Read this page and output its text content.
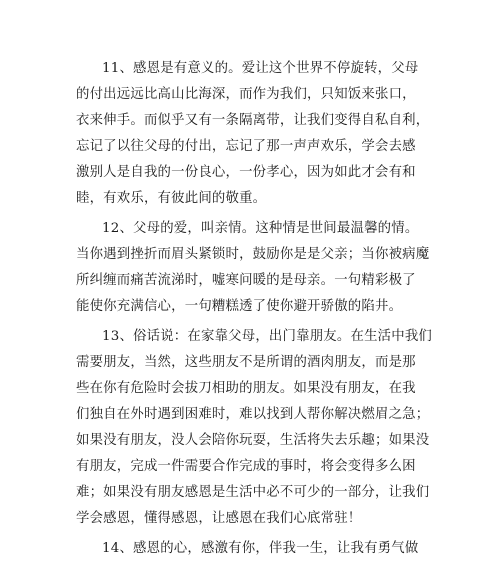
11、感恩是有意义的。爱让这个世界不停旋转，父母
的付出远远比高山比海深，而作为我们，只知饭来张口，
衣来伸手。而似乎又有一条隔离带，让我们变得自私自利，
忘记了以往父母的付出，忘记了那一声声欢乐，学会去感
激别人是自我的一份良心，一份孝心，因为如此才会有和
睦，有欢乐，有彼此间的敬重。
12、父母的爱，叫亲情。这种情是世间最温馨的情。
当你遇到挫折而眉头紧锁时，鼓励你是是父亲；当你被病魔
所纠缠而痛苦流涕时，嘘寒问暖的是母亲。一句精彩极了
能使你充满信心，一句糟糕透了使你避开骄傲的陷井。
13、俗话说：在家靠父母，出门靠朋友。在生活中我们
需要朋友，当然，这些朋友不是所谓的酒肉朋友，而是那
些在你有危险时会拔刀相助的朋友。如果没有朋友，在我
们独自在外时遇到困难时，难以找到人帮你解决燃眉之急；
如果没有朋友，没人会陪你玩耍，生活将失去乐趣；如果没
有朋友，完成一件需要合作完成的事时，将会变得多么困
难；如果没有朋友感恩是生活中必不可少的一部分，让我们
学会感恩，懂得感恩，让感恩在我们心底常驻！
14、感恩的心，感激有你，伴我一生，让我有勇气做
